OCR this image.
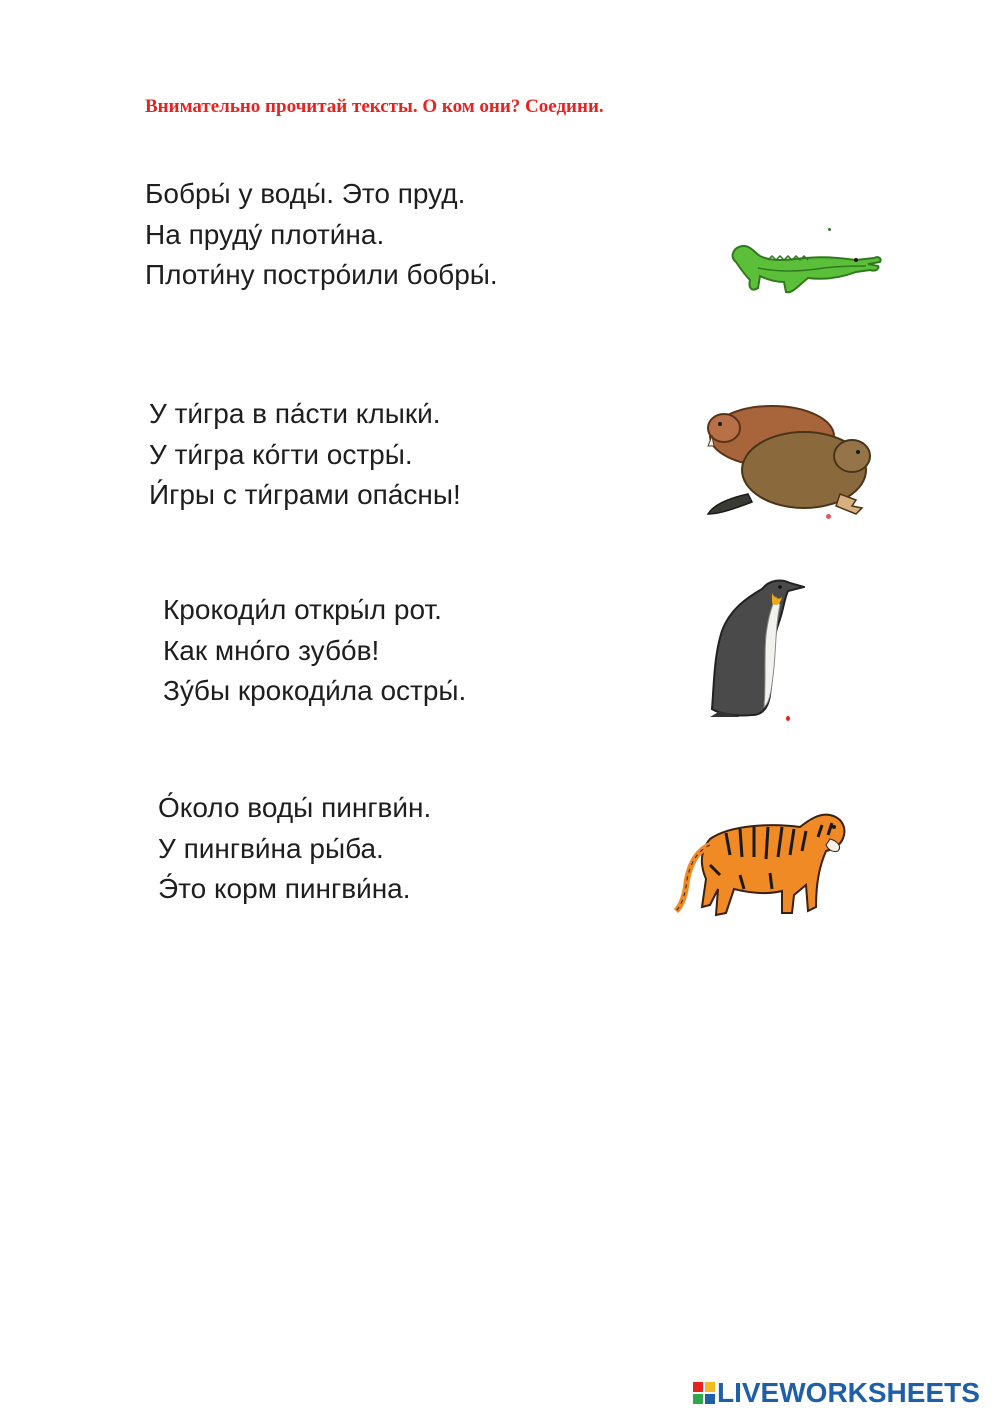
Внимательно прочитай тексты. О ком они? Соедини.
Бобры́ у воды́. Это пруд.
На пруду́ плоти́на.
Плоти́ну постро́или бобры́.
У ти́гра в па́сти клыки́.
У ти́гра ко́гти остры́.
И́гры с ти́грами опа́сны!
Крокоди́л откры́л рот.
Как мно́го зубо́в!
Зу́бы крокоди́ла остры́.
О́коло воды́ пингви́н.
У пингви́на ры́ба.
Э́то корм пингви́на.
LIVEWORKSHEETS
